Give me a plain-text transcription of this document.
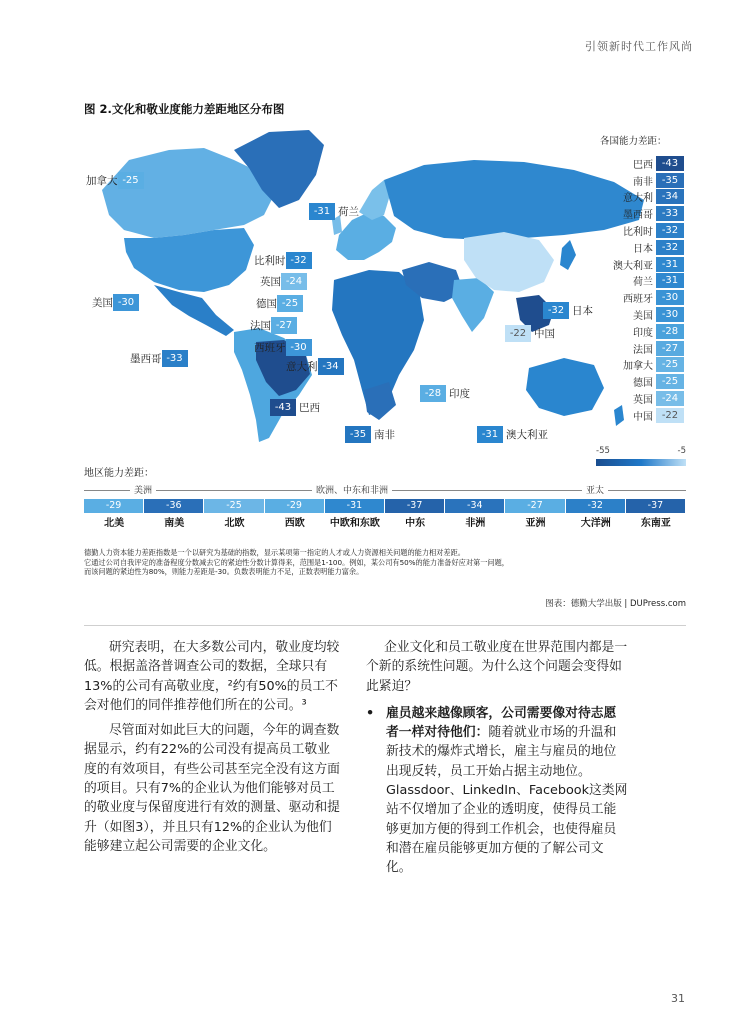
引领新时代工作风尚
图 2.文化和敬业度能力差距地区分布图
加拿大 -25
-31 荷兰
比利时 -32
英国 -24
德国 -25
美国 -30
法国 -27
西班牙 -30
墨西哥 -33
意大利 -34
-43 巴西
-32 日本
-22 中国
-28 印度
-35 南非	-31 澳大利亚
各国能力差距：
巴西 -43
南非 -35
意大利 -34
墨西哥 -33
比利时 -32
日本 -32
澳大利亚 -31
荷兰 -31
西班牙 -30
美国 -30
印度 -28
法国 -27
加拿大 -25
德国 -25
英国 -24
中国 -22
-55	-5
地区能力差距：
美洲	欧洲、中东和非洲	亚太
-29	-36	-25	-29	-31	-37	-34	-27	-32	-37
北美	南美	北欧	西欧	中欧和东欧	中东	非洲	亚洲	大洋洲	东南亚
德勤人力资本能力差距指数是一个以研究为基础的指数，显示某项第一指定的人才或人力资源相关问题的能力相对差距。
它通过公司自我评定的准备程度分数减去它的紧迫性分数计算得来，范围是1-100。例如，某公司有50%的能力准备好应对第一问题，
而该问题的紧迫性为80%，则能力差距是-30。负数表明能力不足，正数表明能力富余。
图表：德勤大学出版 | DUPress.com

研究表明，在大多数公司内，敬业度均较低。根据盖洛普调查公司的数据，全球只有13%的公司有高敬业度，²约有50%的员工不会对他们的同伴推荐他们所在的公司。³

尽管面对如此巨大的问题，今年的调查数据显示，约有22%的公司没有提高员工敬业度的有效项目，有些公司甚至完全没有这方面的项目。只有7%的企业认为他们能够对员工的敬业度与保留度进行有效的测量、驱动和提升（如图3），并且只有12%的企业认为他们能够建立起公司需要的企业文化。

企业文化和员工敬业度在世界范围内都是一个新的系统性问题。为什么这个问题会变得如此紧迫？

• 雇员越来越像顾客，公司需要像对待志愿者一样对待他们：随着就业市场的升温和新技术的爆炸式增长，雇主与雇员的地位出现反转，员工开始占据主动地位。Glassdoor、LinkedIn、Facebook这类网站不仅增加了企业的透明度，使得员工能够更加方便的得到工作机会，也使得雇员和潜在雇员能够更加方便的了解公司文化。
31
